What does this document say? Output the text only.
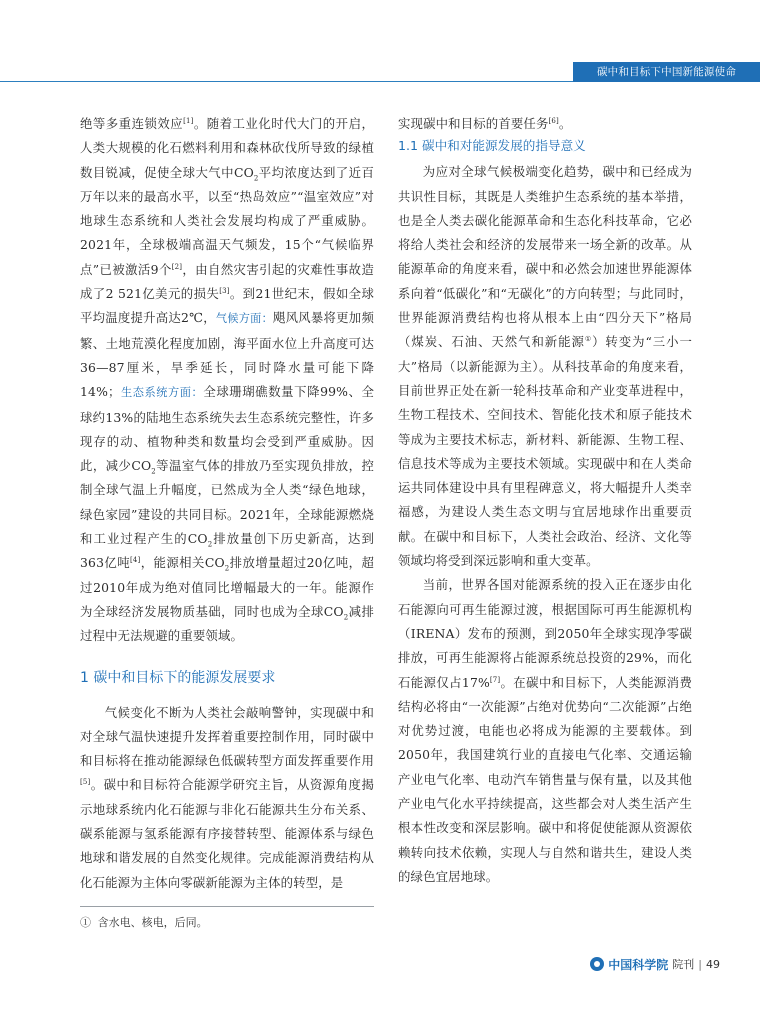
碳中和目标下中国新能源使命

绝等多重连锁效应[1]。随着工业化时代大门的开启，人类大规模的化石燃料利用和森林砍伐所导致的绿植数目锐减，促使全球大气中$CO_2$平均浓度达到了近百万年以来的最高水平，以至“热岛效应”“温室效应”对地球生态系统和人类社会发展均构成了严重威胁。2021年，全球极端高温天气频发，15个“气候临界点”已被激活9个[2]，由自然灾害引起的灾难性事故造成了2 521亿美元的损失[3]。到21世纪末，假如全球平均温度提升高达2℃，气候方面：飓风风暴将更加频繁、土地荒漠化程度加剧，海平面水位上升高度可达36—87厘米，旱季延长，同时降水量可能下降14%；生态系统方面：全球珊瑚礁数量下降99%、全球约13%的陆地生态系统失去生态系统完整性，许多现存的动、植物种类和数量均会受到严重威胁。因此，减少$CO_2$等温室气体的排放乃至实现负排放，控制全球气温上升幅度，已然成为全人类“绿色地球，绿色家园”建设的共同目标。2021年，全球能源燃烧和工业过程产生的$CO_2$排放量创下历史新高，达到363亿吨[4]，能源相关$CO_2$排放增量超过20亿吨，超过2010年成为绝对值同比增幅最大的一年。能源作为全球经济发展物质基础，同时也成为全球$CO_2$减排过程中无法规避的重要领域。

1 碳中和目标下的能源发展要求

气候变化不断为人类社会敲响警钟，实现碳中和对全球气温快速提升发挥着重要控制作用，同时碳中和目标将在推动能源绿色低碳转型方面发挥重要作用[5]。碳中和目标符合能源学研究主旨，从资源角度揭示地球系统内化石能源与非化石能源共生分布关系、碳系能源与氢系能源有序接替转型、能源体系与绿色地球和谐发展的自然变化规律。完成能源消费结构从化石能源为主体向零碳新能源为主体的转型，是

实现碳中和目标的首要任务[6]。

1.1 碳中和对能源发展的指导意义

为应对全球气候极端变化趋势，碳中和已经成为共识性目标，其既是人类维护生态系统的基本举措，也是全人类去碳化能源革命和生态化科技革命，它必将给人类社会和经济的发展带来一场全新的改革。从能源革命的角度来看，碳中和必然会加速世界能源体系向着“低碳化”和“无碳化”的方向转型；与此同时，世界能源消费结构也将从根本上由“四分天下”格局（煤炭、石油、天然气和新能源①）转变为“三小一大”格局（以新能源为主）。从科技革命的角度来看，目前世界正处在新一轮科技革命和产业变革进程中，生物工程技术、空间技术、智能化技术和原子能技术等成为主要技术标志，新材料、新能源、生物工程、信息技术等成为主要技术领域。实现碳中和在人类命运共同体建设中具有里程碑意义，将大幅提升人类幸福感，为建设人类生态文明与宜居地球作出重要贡献。在碳中和目标下，人类社会政治、经济、文化等领域均将受到深远影响和重大变革。

当前，世界各国对能源系统的投入正在逐步由化石能源向可再生能源过渡，根据国际可再生能源机构（IRENA）发布的预测，到2050年全球实现净零碳排放，可再生能源将占能源系统总投资的29%，而化石能源仅占17%[7]。在碳中和目标下，人类能源消费结构必将由“一次能源”占绝对优势向“二次能源”占绝对优势过渡，电能也必将成为能源的主要载体。到2050年，我国建筑行业的直接电气化率、交通运输产业电气化率、电动汽车销售量与保有量，以及其他产业电气化水平持续提高，这些都会对人类生活产生根本性改变和深层影响。碳中和将促使能源从资源依赖转向技术依赖，实现人与自然和谐共生，建设人类的绿色宜居地球。

① 含水电、核电，后同。
中国科学院 院刊 | 49
